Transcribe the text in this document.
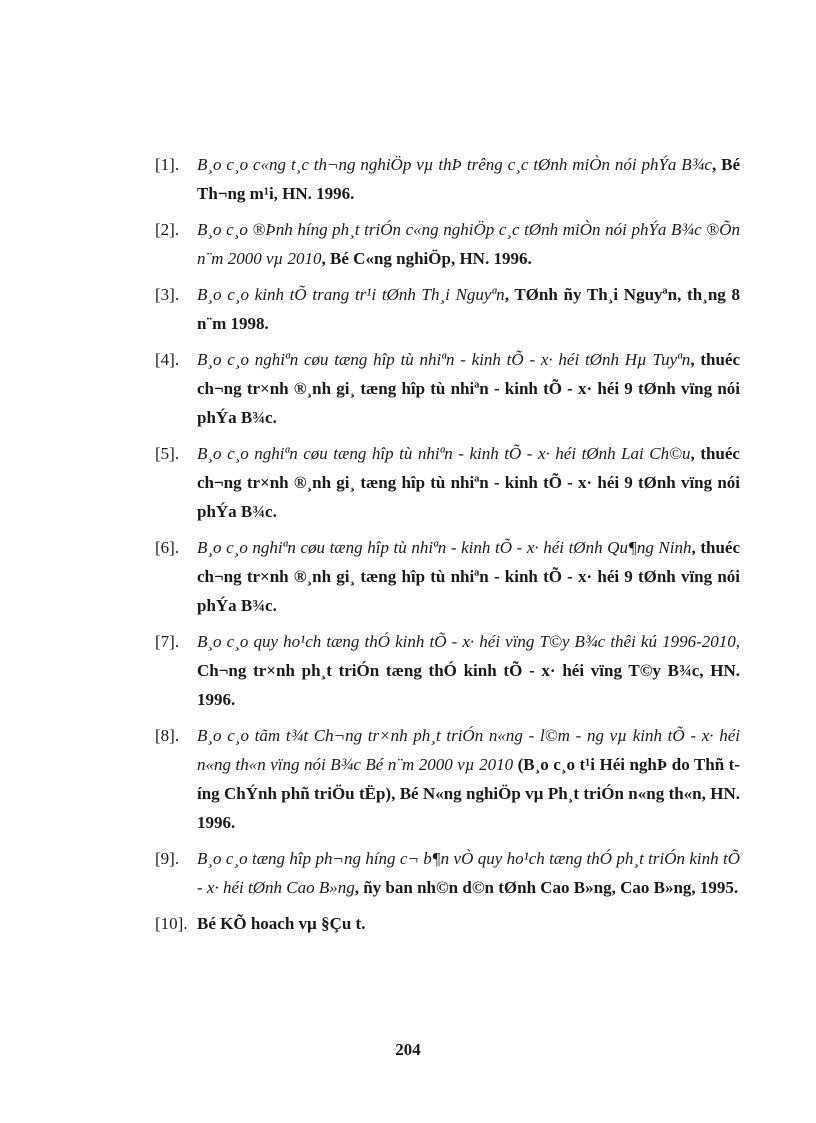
[1].	B¸o c¸o c«ng t¸c th¬ng nghiÖp vµ thÞ trêng c¸c tØnh miÒn nói phÝa B¾c, Bé Th¬ng m¹i, HN. 1996.
[2].	B¸o c¸o ®Þnh híng ph¸t triÓn c«ng nghiÖp c¸c tØnh miÒn nói phÝa B¾c ®Õn n¨m 2000 vµ 2010, Bé C«ng nghiÖp, HN. 1996.
[3].	B¸o c¸o kinh tÕ trang tr¹i tØnh Th¸i Nguyªn, TØnh ñy Th¸i Nguyªn, th¸ng 8 n¨m 1998.
[4].	B¸o c¸o nghiªn cøu tæng hîp tù nhiªn - kinh tÕ - x· héi tØnh Hµ Tuyªn, thuéc ch¬ng tr×nh ®¸nh gi¸ tæng hîp tù nhiªn - kinh tÕ - x· héi 9 tØnh vïng nói phÝa B¾c.
[5].	B¸o c¸o nghiªn cøu tæng hîp tù nhiªn - kinh tÕ - x· héi tØnh Lai Ch©u, thuéc ch¬ng tr×nh ®¸nh gi¸ tæng hîp tù nhiªn - kinh tÕ - x· héi 9 tØnh vïng nói phÝa B¾c.
[6].	B¸o c¸o nghiªn cøu tæng hîp tù nhiªn - kinh tÕ - x· héi tØnh Qu¶ng Ninh, thuéc ch¬ng tr×nh ®¸nh gi¸ tæng hîp tù nhiªn - kinh tÕ - x· héi 9 tØnh vïng nói phÝa B¾c.
[7].	B¸o c¸o quy ho¹ch tæng thÓ kinh tÕ - x· héi vïng T©y B¾c thêi kú 1996-2010, Ch¬ng tr×nh ph¸t triÓn tæng thÓ kinh tÕ - x· héi vïng T©y B¾c, HN. 1996.
[8].	B¸o c¸o tãm t¾t Ch¬ng tr×nh ph¸t triÓn n«ng - l©m - ng vµ kinh tÕ - x· héi n«ng th«n vïng nói B¾c Bé n¨m 2000 vµ 2010 (B¸o c¸o t¹i Héi nghÞ do Thñ tíng ChÝnh phñ triÖu tËp), Bé N«ng nghiÖp vµ Ph¸t triÓn n«ng th«n, HN. 1996.
[9].	B¸o c¸o tæng hîp ph¬ng híng c¬ b¶n vÒ quy ho¹ch tæng thÓ ph¸t triÓn kinh tÕ - x· héi tØnh Cao B»ng, ñy ban nh©n d©n tØnh Cao B»ng, Cao B»ng, 1995.
[10]. Bé KÕ hoach vµ §Çu t.
204
